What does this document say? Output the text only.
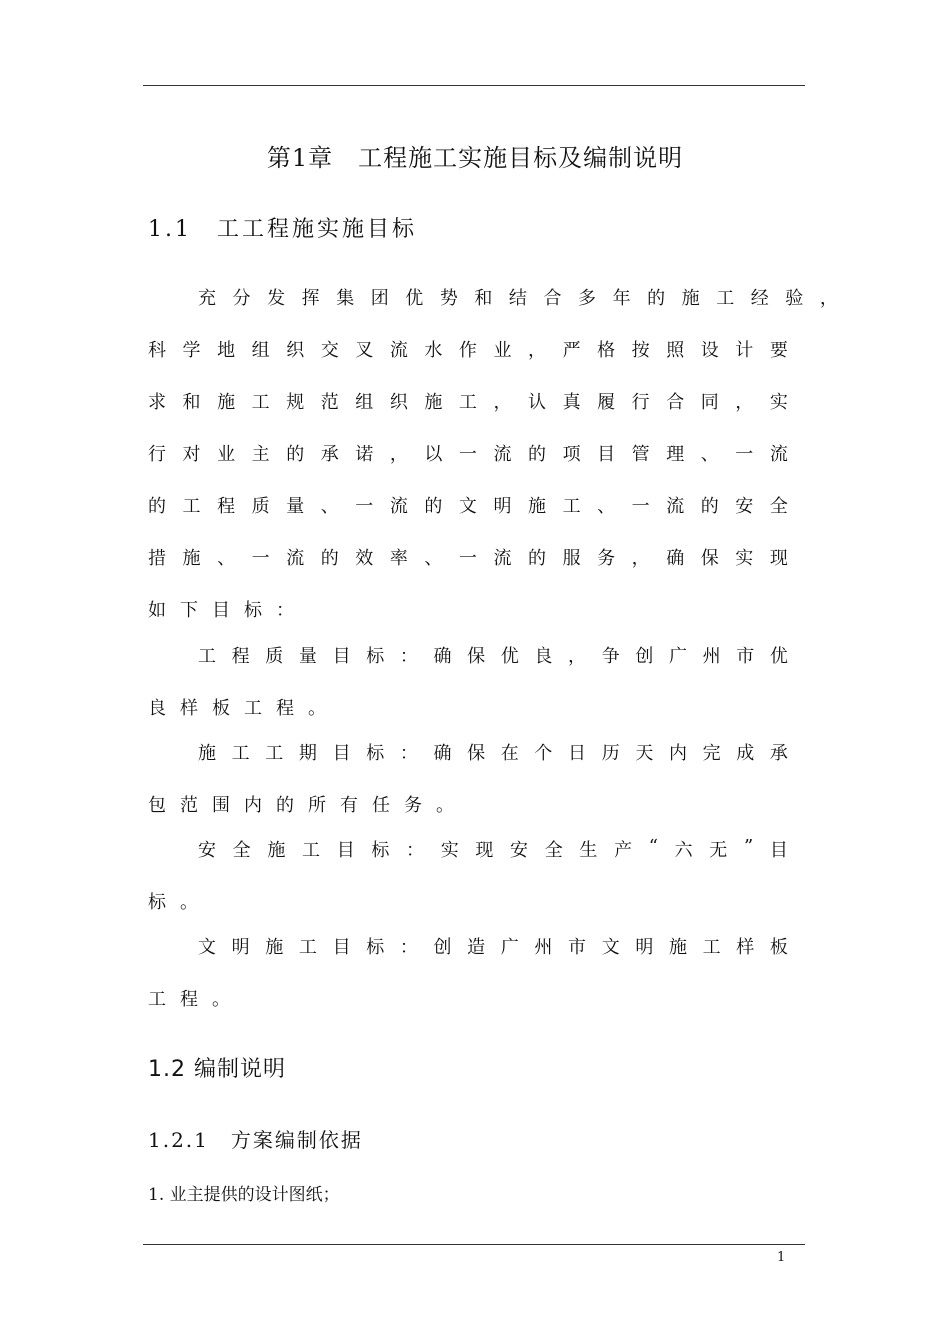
第1章　工程施工实施目标及编制说明
1.1　工工程施实施目标
充 分 发 挥 集 团 优 势 和 结 合 多 年 的 施 工 经 验 ，
科 学 地 组 织 交 叉 流 水 作 业 ， 严 格 按 照 设 计 要
求 和 施 工 规 范 组 织 施 工 ， 认 真 履 行 合 同 ， 实
行 对 业 主 的 承 诺 ， 以 一 流 的 项 目 管 理 、 一 流
的 工 程 质 量 、 一 流 的 文 明 施 工 、 一 流 的 安 全
措 施 、 一 流 的 效 率 、 一 流 的 服 务 ， 确 保 实 现
如 下 目 标 ：
工 程 质 量 目 标 ： 确 保 优 良 ， 争 创 广 州 市 优
良 样 板 工 程 。
施 工 工 期 目 标 ： 确 保 在 个 日 历 天 内 完 成 承
包 范 围 内 的 所 有 任 务 。
安 全 施 工 目 标 ： 实 现 安 全 生 产 “ 六 无 ” 目
标 。
文 明 施 工 目 标 ： 创 造 广 州 市 文 明 施 工 样 板
工 程 。
1.2 编制说明
1.2.1　方案编制依据
1. 业主提供的设计图纸；
1
